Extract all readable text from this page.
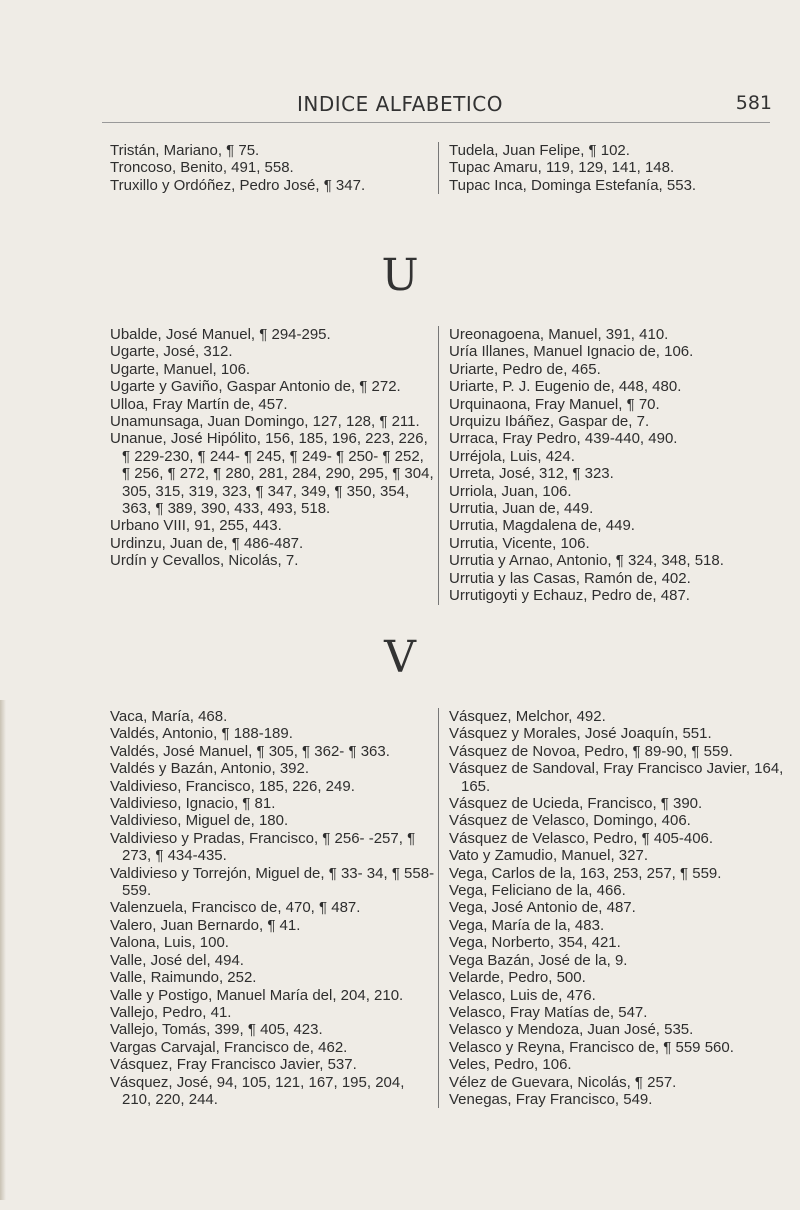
INDICE ALFABETICO	581

Tristán, Mariano, ¶ 75.

Troncoso, Benito, 491, 558.

Truxillo y Ordóñez, Pedro José, ¶ 347.

Tudela, Juan Felipe, ¶ 102.

Tupac Amaru, 119, 129, 141, 148.

Tupac Inca, Dominga Estefanía, 553.

U

Ubalde, José Manuel, ¶ 294-295.

Ugarte, José, 312.

Ugarte, Manuel, 106.

Ugarte y Gaviño, Gaspar Antonio de, ¶ 272.

Ulloa, Fray Martín de, 457.

Unamunsaga, Juan Domingo, 127, 128, ¶ 211.

Unanue, José Hipólito, 156, 185, 196, 223, 226, ¶ 229-230, ¶ 244- ¶ 245, ¶ 249- ¶ 250- ¶ 252, ¶ 256, ¶ 272, ¶ 280, 281, 284, 290, 295, ¶ 304, 305, 315, 319, 323, ¶ 347, 349, ¶ 350, 354, 363, ¶ 389, 390, 433, 493, 518.

Urbano VIII, 91, 255, 443.

Urdinzu, Juan de, ¶ 486-487.

Urdín y Cevallos, Nicolás, 7.

Ureonagoena, Manuel, 391, 410.

Uría Illanes, Manuel Ignacio de, 106.

Uriarte, Pedro de, 465.

Uriarte, P. J. Eugenio de, 448, 480.

Urquinaona, Fray Manuel, ¶ 70.

Urquizu Ibáñez, Gaspar de, 7.

Urraca, Fray Pedro, 439-440, 490.

Urréjola, Luis, 424.

Urreta, José, 312, ¶ 323.

Urriola, Juan, 106.

Urrutia, Juan de, 449.

Urrutia, Magdalena de, 449.

Urrutia, Vicente, 106.

Urrutia y Arnao, Antonio, ¶ 324, 348, 518.

Urrutia y las Casas, Ramón de, 402.

Urrutigoyti y Echauz, Pedro de, 487.

V

Vaca, María, 468.

Valdés, Antonio, ¶ 188-189.

Valdés, José Manuel, ¶ 305, ¶ 362- ¶ 363.

Valdés y Bazán, Antonio, 392.

Valdivieso, Francisco, 185, 226, 249.

Valdivieso, Ignacio, ¶ 81.

Valdivieso, Miguel de, 180.

Valdivieso y Pradas, Francisco, ¶ 256- -257, ¶ 273, ¶ 434-435.

Valdivieso y Torrejón, Miguel de, ¶ 33- 34, ¶ 558-559.

Valenzuela, Francisco de, 470, ¶ 487.

Valero, Juan Bernardo, ¶ 41.

Valona, Luis, 100.

Valle, José del, 494.

Valle, Raimundo, 252.

Valle y Postigo, Manuel María del, 204, 210.

Vallejo, Pedro, 41.

Vallejo, Tomás, 399, ¶ 405, 423.

Vargas Carvajal, Francisco de, 462.

Vásquez, Fray Francisco Javier, 537.

Vásquez, José, 94, 105, 121, 167, 195, 204, 210, 220, 244.

Vásquez, Melchor, 492.

Vásquez y Morales, José Joaquín, 551.

Vásquez de Novoa, Pedro, ¶ 89-90, ¶ 559.

Vásquez de Sandoval, Fray Francisco Javier, 164, 165.

Vásquez de Ucieda, Francisco, ¶ 390.

Vásquez de Velasco, Domingo, 406.

Vásquez de Velasco, Pedro, ¶ 405-406.

Vato y Zamudio, Manuel, 327.

Vega, Carlos de la, 163, 253, 257, ¶ 559.

Vega, Feliciano de la, 466.

Vega, José Antonio de, 487.

Vega, María de la, 483.

Vega, Norberto, 354, 421.

Vega Bazán, José de la, 9.

Velarde, Pedro, 500.

Velasco, Luis de, 476.

Velasco, Fray Matías de, 547.

Velasco y Mendoza, Juan José, 535.

Velasco y Reyna, Francisco de, ¶ 559 560.

Veles, Pedro, 106.

Vélez de Guevara, Nicolás, ¶ 257.

Venegas, Fray Francisco, 549.
